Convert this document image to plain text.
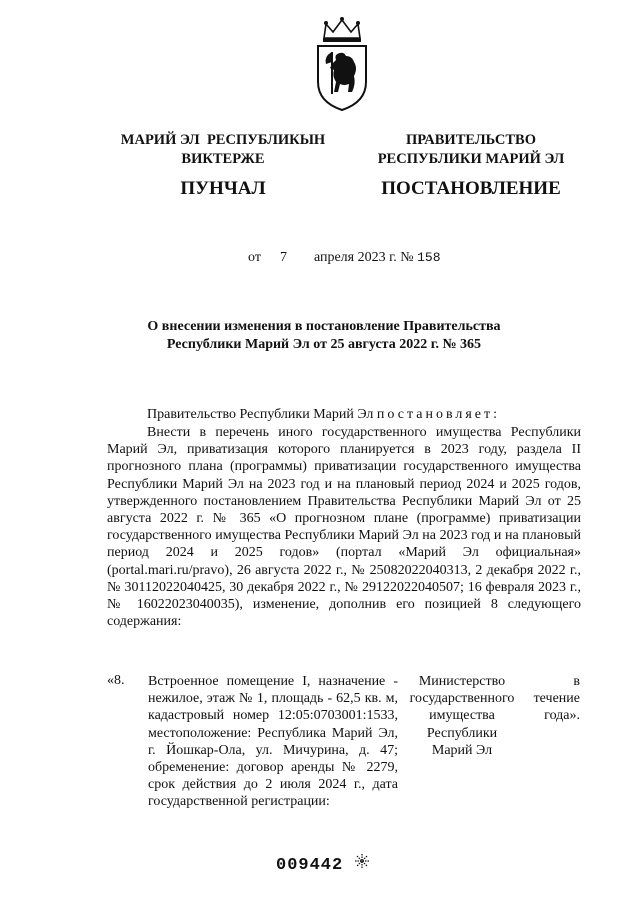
МАРИЙ ЭЛ  РЕСПУБЛИКЫН
ВИКТЕРЖЕ
ПУНЧАЛ
ПРАВИТЕЛЬСТВО
РЕСПУБЛИКИ МАРИЙ ЭЛ
ПОСТАНОВЛЕНИЕ
от 7 апреля 2023 г. № 158
О внесении изменения в постановление Правительства
Республики Марий Эл от 25 августа 2022 г. № 365
Правительство Республики Марий Эл постановляет:
Внести в перечень иного государственного имущества Республики Марий Эл, приватизация которого планируется в 2023 году, раздела II прогнозного плана (программы) приватизации государственного имущества Республики Марий Эл на 2023 год и на плановый период 2024 и 2025 годов, утвержденного постановлением Правительства Республики Марий Эл от 25 августа 2022 г. № 365 «О прогнозном плане (программе) приватизации государственного имущества Республики Марий Эл на 2023 год и на плановый период 2024 и 2025 годов» (портал «Марий Эл официальная» (portal.mari.ru/pravo), 26 августа 2022 г., № 25082022040313, 2 декабря 2022 г., № 30112022040425, 30 декабря 2022 г., № 29122022040507; 16 февраля 2023 г., № 16022023040035), изменение, дополнив его позицией 8 следующего содержания:
«8. Встроенное помещение I, назначение - нежилое, этаж № 1, площадь - 62,5 кв. м, кадастровый номер 12:05:0703001:1533, местоположение: Республика Марий Эл, г. Йошкар-Ола, ул. Мичурина, д. 47; обременение: договор аренды № 2279, срок действия до 2 июля 2024 г., дата государственной регистрации:
Министерство
государственного
имущества
Республики
Марий Эл
в
течение
года».
009442
